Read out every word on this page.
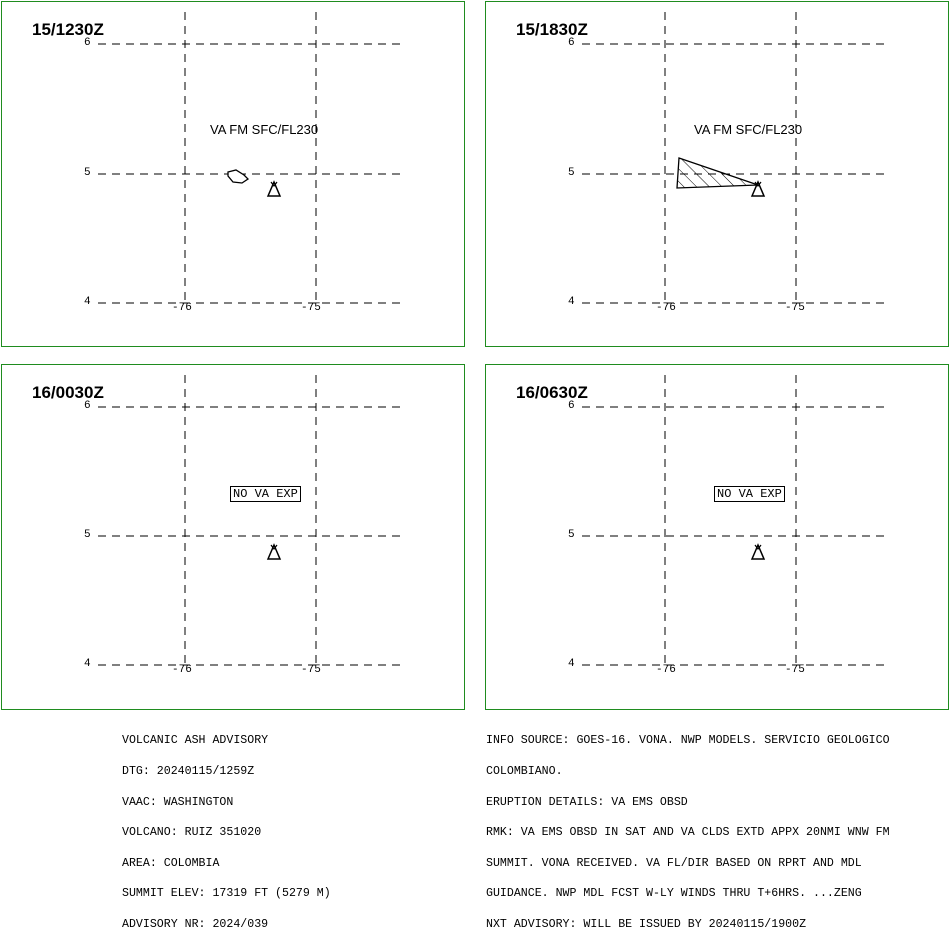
15/1230Z
6
5
4	-76	-75
VA FM SFC/FL230
15/1830Z
6
5
4	-76	-75
VA FM SFC/FL230
16/0030Z
6
5
4	-76	-75
NO VA EXP
16/0630Z
6
5
4	-76	-75
NO VA EXP

VOLCANIC ASH ADVISORY

DTG: 20240115/1259Z

VAAC: WASHINGTON

VOLCANO: RUIZ 351020

AREA: COLOMBIA

SUMMIT ELEV: 17319 FT (5279 M)

ADVISORY NR: 2024/039

INFO SOURCE: GOES-16. VONA. NWP MODELS. SERVICIO GEOLOGICO

COLOMBIANO.

ERUPTION DETAILS: VA EMS OBSD

RMK: VA EMS OBSD IN SAT AND VA CLDS EXTD APPX 20NMI WNW FM

SUMMIT. VONA RECEIVED. VA FL/DIR BASED ON RPRT AND MDL

GUIDANCE. NWP MDL FCST W-LY WINDS THRU T+6HRS. ...ZENG

NXT ADVISORY: WILL BE ISSUED BY 20240115/1900Z
